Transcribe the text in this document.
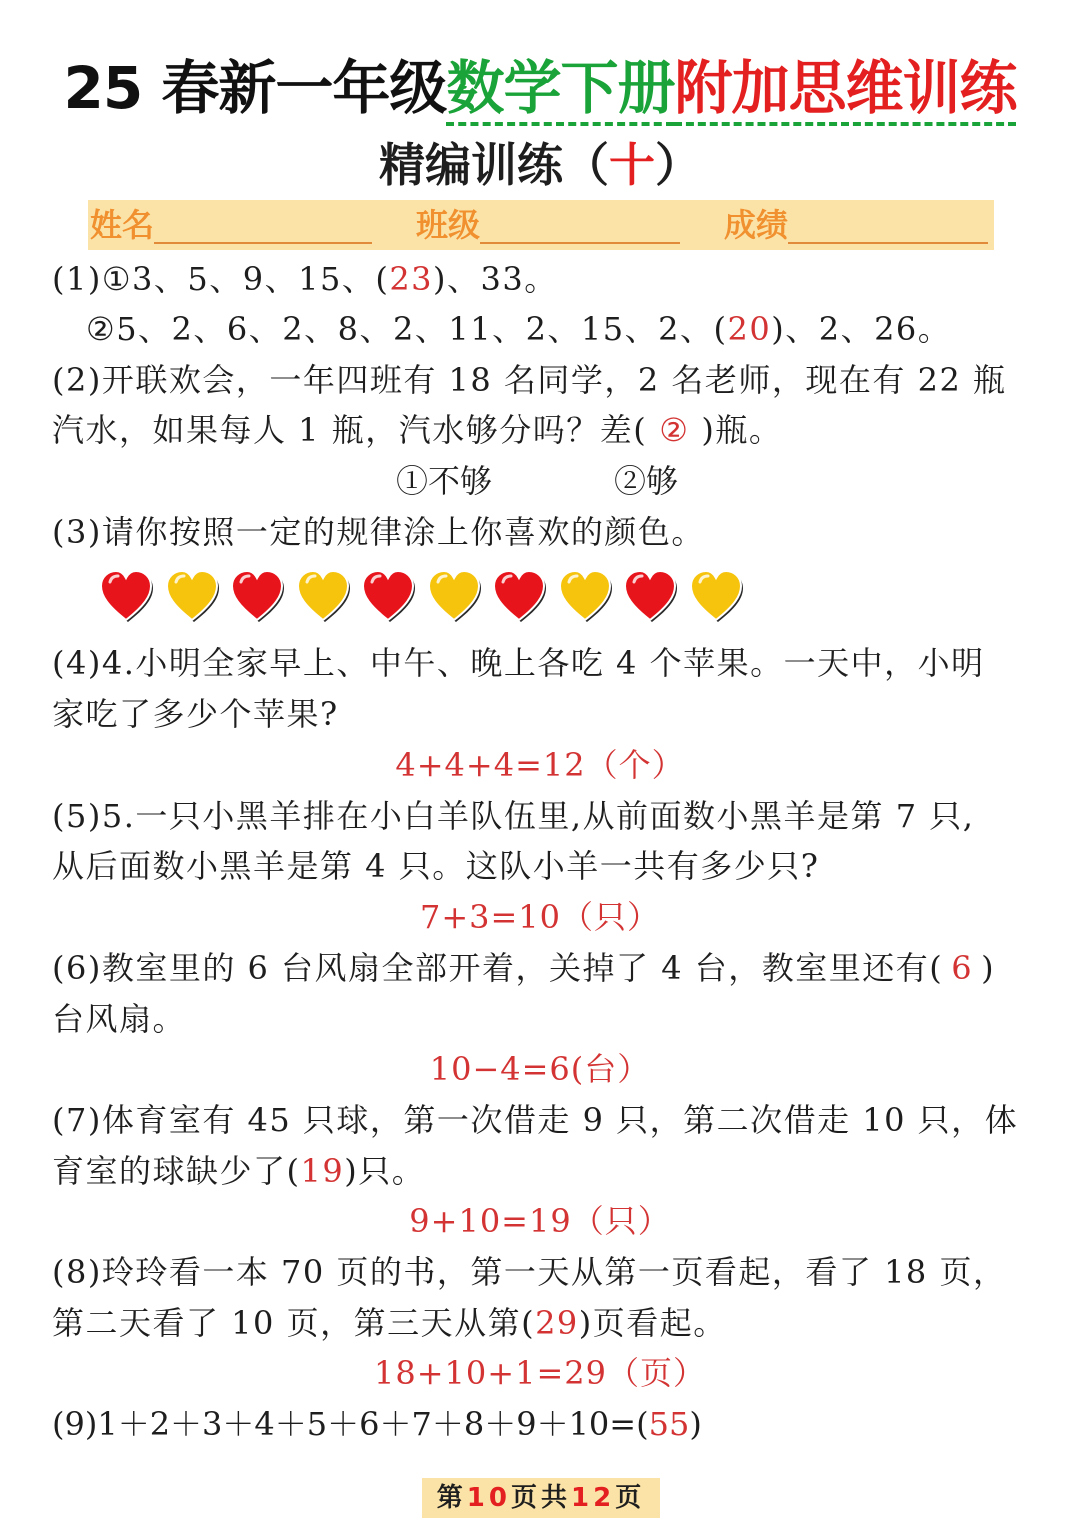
25 春新一年级数学下册附加思维训练
精编训练（十）
姓名	班级	成绩
(1)①3、5、9、15、(23)、33。
②5、2、6、2、8、2、11、2、15、2、(20)、2、26。
(2)开联欢会，一年四班有 18 名同学，2 名老师，现在有 22 瓶
汽水，如果每人 1 瓶，汽水够分吗？差( ② )瓶。
①不够	②够
(3)请你按照一定的规律涂上你喜欢的颜色。
(4)4.小明全家早上、中午、晚上各吃 4 个苹果。一天中，小明
家吃了多少个苹果?
4+4+4=12（个）
(5)5.一只小黑羊排在小白羊队伍里,从前面数小黑羊是第 7 只,
从后面数小黑羊是第 4 只。这队小羊一共有多少只?
7+3=10（只）
(6)教室里的 6 台风扇全部开着，关掉了 4 台，教室里还有( 6 )
台风扇。
10−4=6(台）
(7)体育室有 45 只球，第一次借走 9 只，第二次借走 10 只，体
育室的球缺少了(19)只。
9+10=19（只）
(8)玲玲看一本 70 页的书，第一天从第一页看起，看了 18 页，
第二天看了 10 页，第三天从第(29)页看起。
18+10+1=29（页）
(9)1＋2＋3＋4＋5＋6＋7＋8＋9＋10=(55)
第10页共12页
